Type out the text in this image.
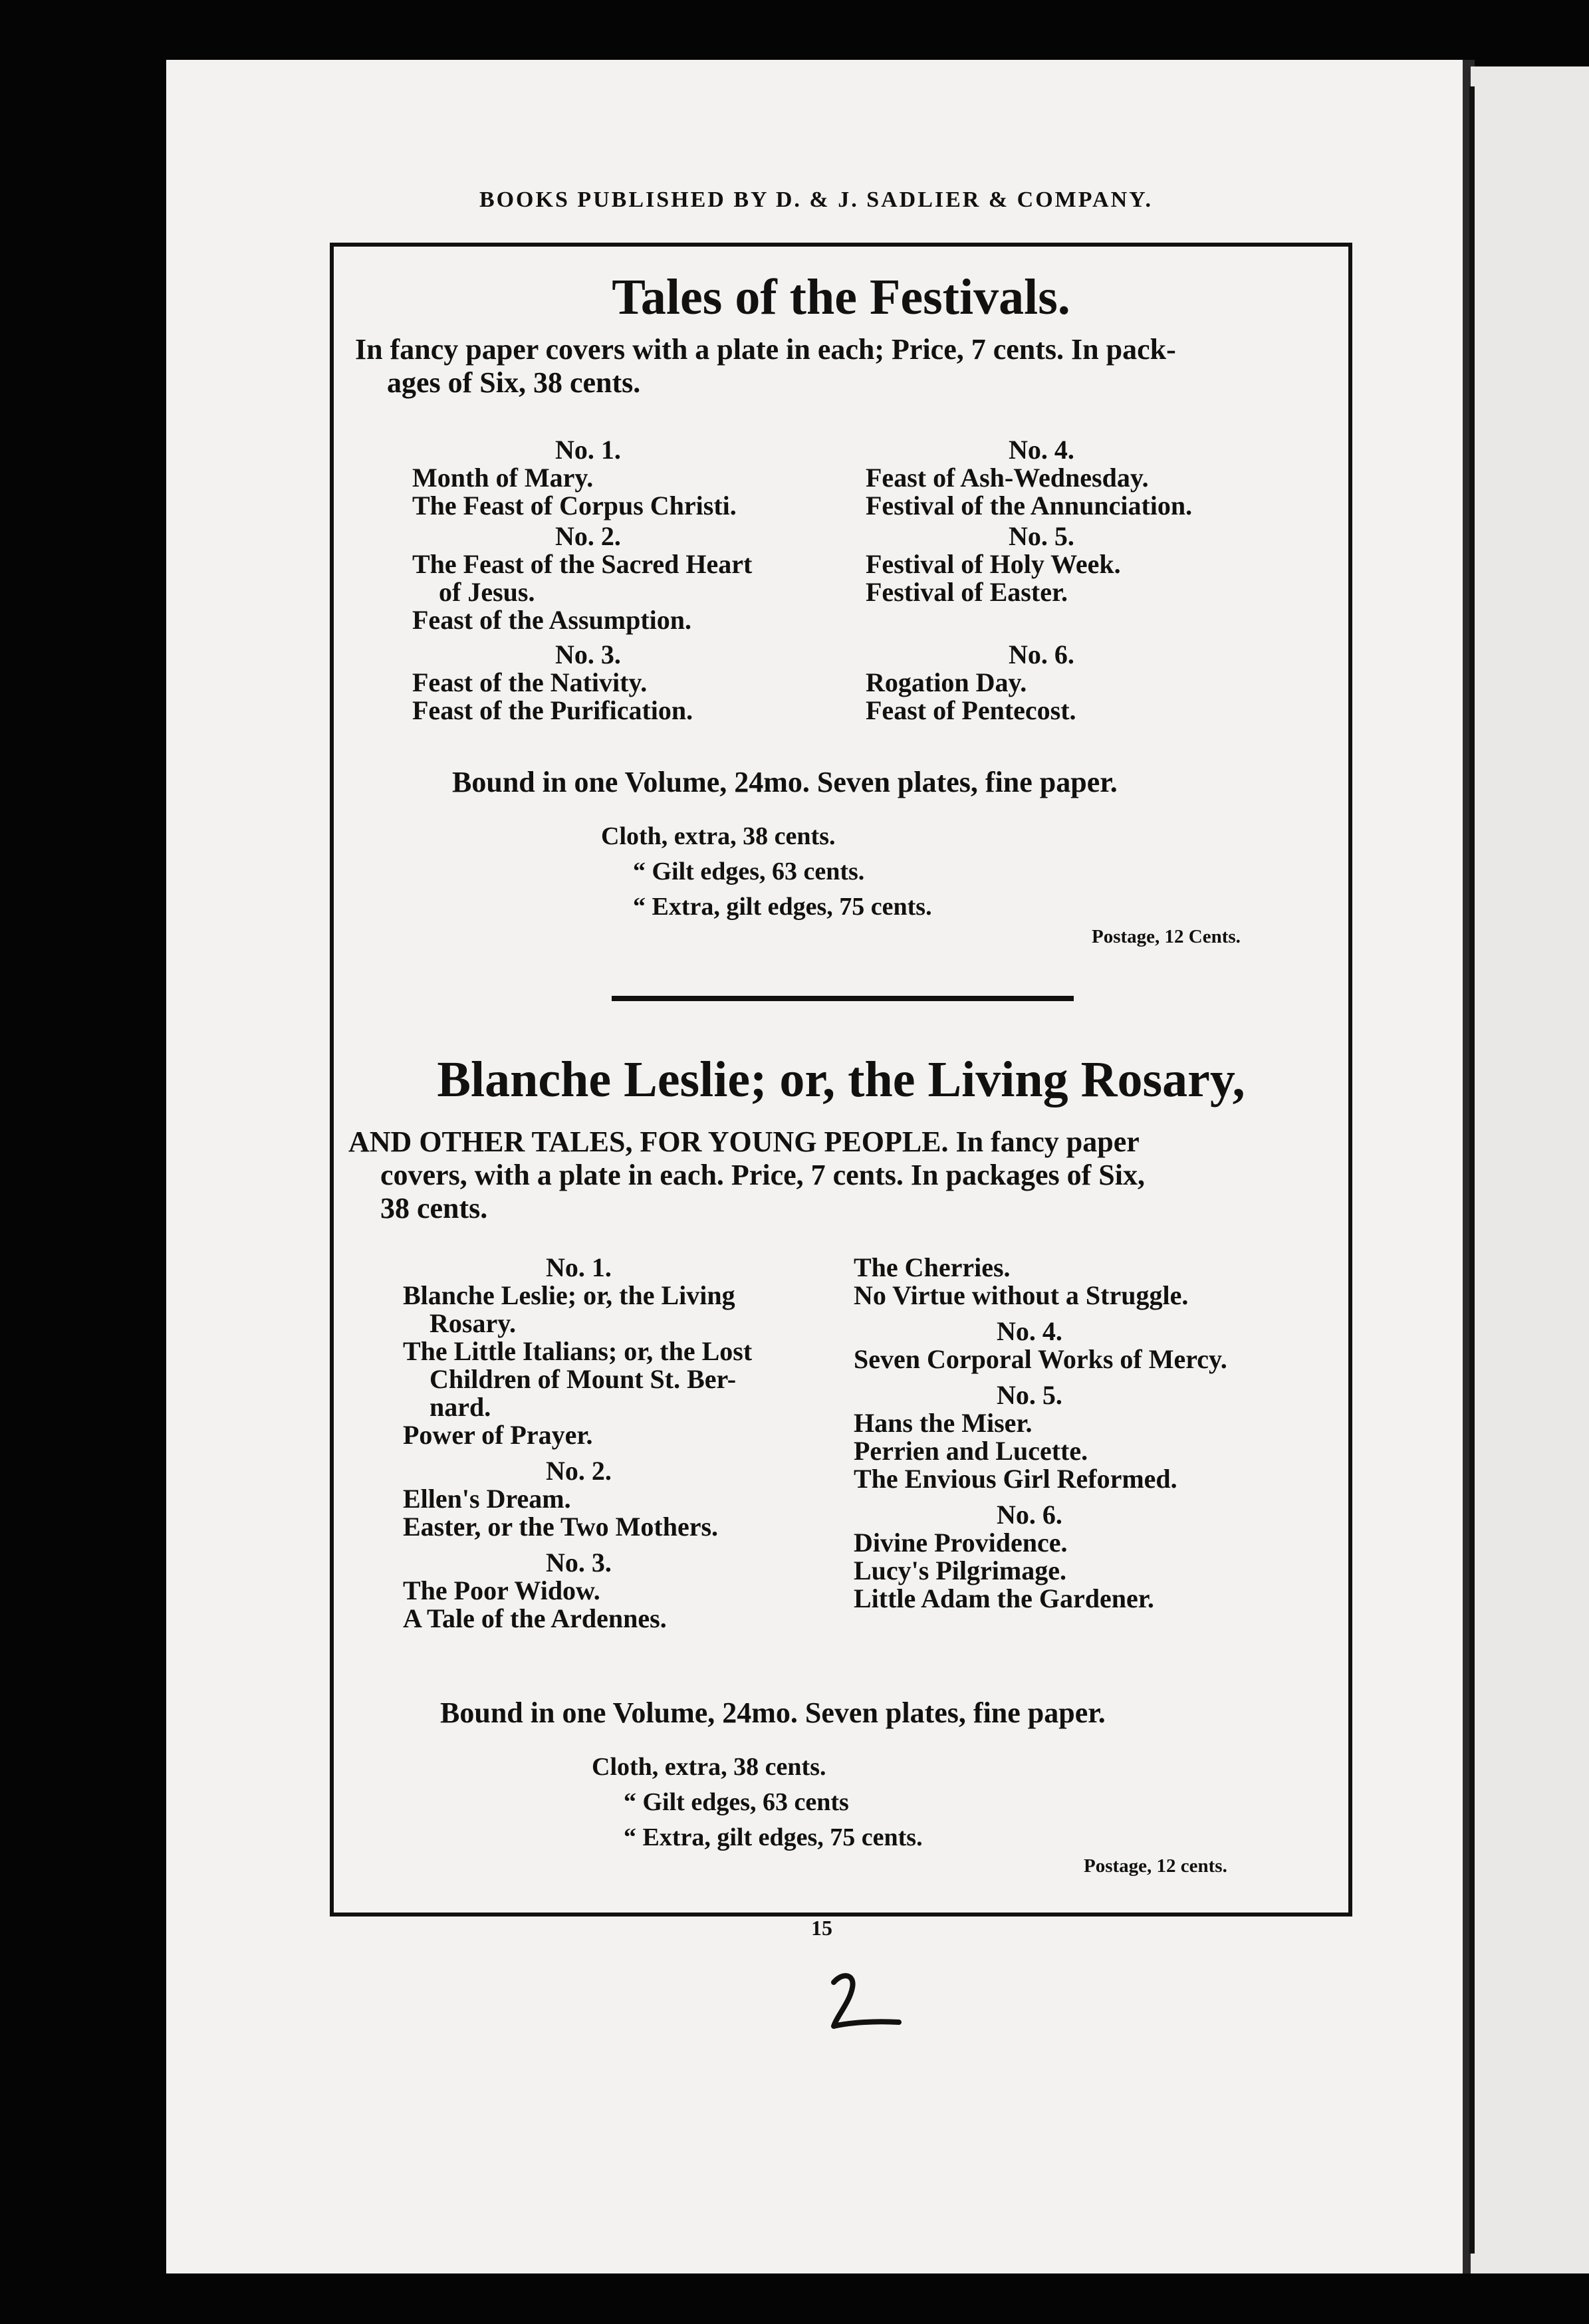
BOOKS PUBLISHED BY D. & J. SADLIER & COMPANY.
Tales of the Festivals.
In fancy paper covers with a plate in each; Price, 7 cents. In pack-
ages of Six, 38 cents.
No. 1.
Month of Mary.
The Feast of Corpus Christi.
No. 2.
The Feast of the Sacred Heart
of Jesus.
Feast of the Assumption.
No. 3.
Feast of the Nativity.
Feast of the Purification.
No. 4.
Feast of Ash-Wednesday.
Festival of the Annunciation.
No. 5.
Festival of Holy Week.
Festival of Easter.
No. 6.
Rogation Day.
Feast of Pentecost.
Bound in one Volume, 24mo. Seven plates, fine paper.
Cloth, extra, 38 cents.
“ Gilt edges, 63 cents.
“ Extra, gilt edges, 75 cents.
Postage, 12 Cents.
Blanche Leslie; or, the Living Rosary,
AND OTHER TALES, FOR YOUNG PEOPLE. In fancy paper
covers, with a plate in each. Price, 7 cents. In packages of Six,
38 cents.
No. 1.
Blanche Leslie; or, the Living
Rosary.
The Little Italians; or, the Lost
Children of Mount St. Ber-
nard.
Power of Prayer.
No. 2.
Ellen's Dream.
Easter, or the Two Mothers.
No. 3.
The Poor Widow.
A Tale of the Ardennes.
The Cherries.
No Virtue without a Struggle.
No. 4.
Seven Corporal Works of Mercy.
No. 5.
Hans the Miser.
Perrien and Lucette.
The Envious Girl Reformed.
No. 6.
Divine Providence.
Lucy's Pilgrimage.
Little Adam the Gardener.
Bound in one Volume, 24mo. Seven plates, fine paper.
Cloth, extra, 38 cents.
“ Gilt edges, 63 cents
“ Extra, gilt edges, 75 cents.
Postage, 12 cents.
15
